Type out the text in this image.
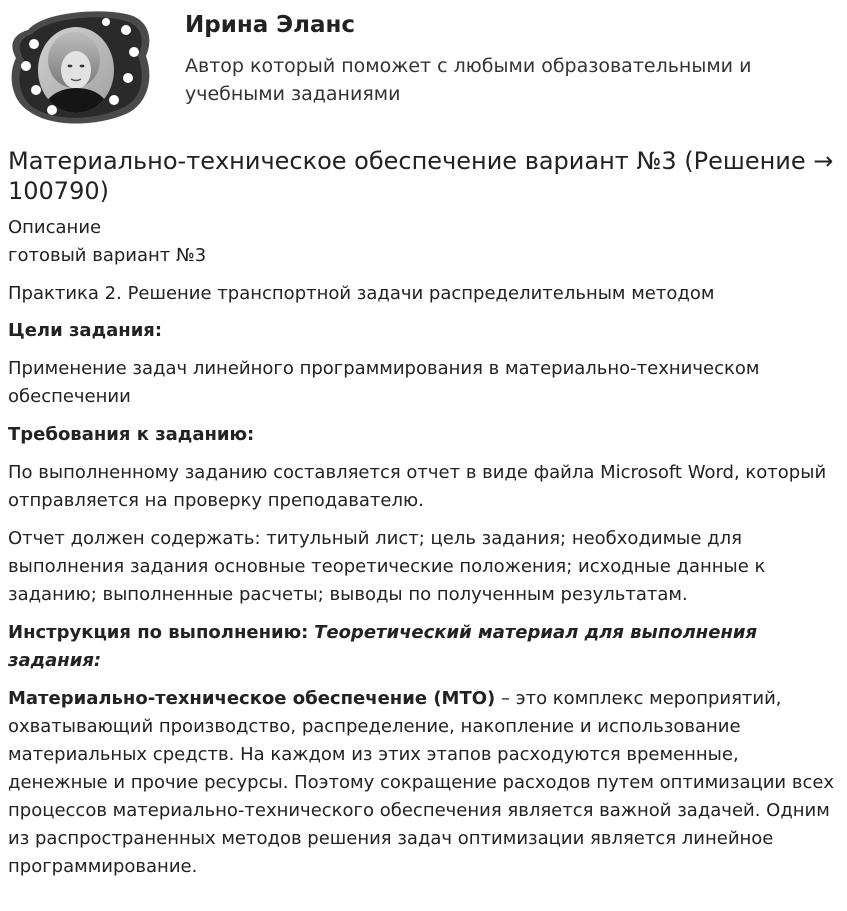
Ирина Эланс

Автор который поможет с любыми образовательными и учебными заданиями

Материально-техническое обеспечение вариант №3 (Решение → 100790)
Описание
готовый вариант №3

Практика 2. Решение транспортной задачи распределительным методом

Цели задания:

Применение задач линейного программирования в материально-техническом обеспечении

Требования к заданию:

По выполненному заданию составляется отчет в виде файла Microsoft Word, который отправляется на проверку преподавателю.

Отчет должен содержать: титульный лист; цель задания; необходимые для выполнения задания основные теоретические положения; исходные данные к заданию; выполненные расчеты; выводы по полученным результатам.

Инструкция по выполнению: Теоретический материал для выполнения задания:

Материально-техническое обеспечение (МТО) – это комплекс мероприятий, охватывающий производство, распределение, накопление и использование материальных средств. На каждом из этих этапов расходуются временные, денежные и прочие ресурсы. Поэтому сокращение расходов путем оптимизации всех процессов материально-технического обеспечения является важной задачей. Одним из распространенных методов решения задач оптимизации является линейное программирование.
